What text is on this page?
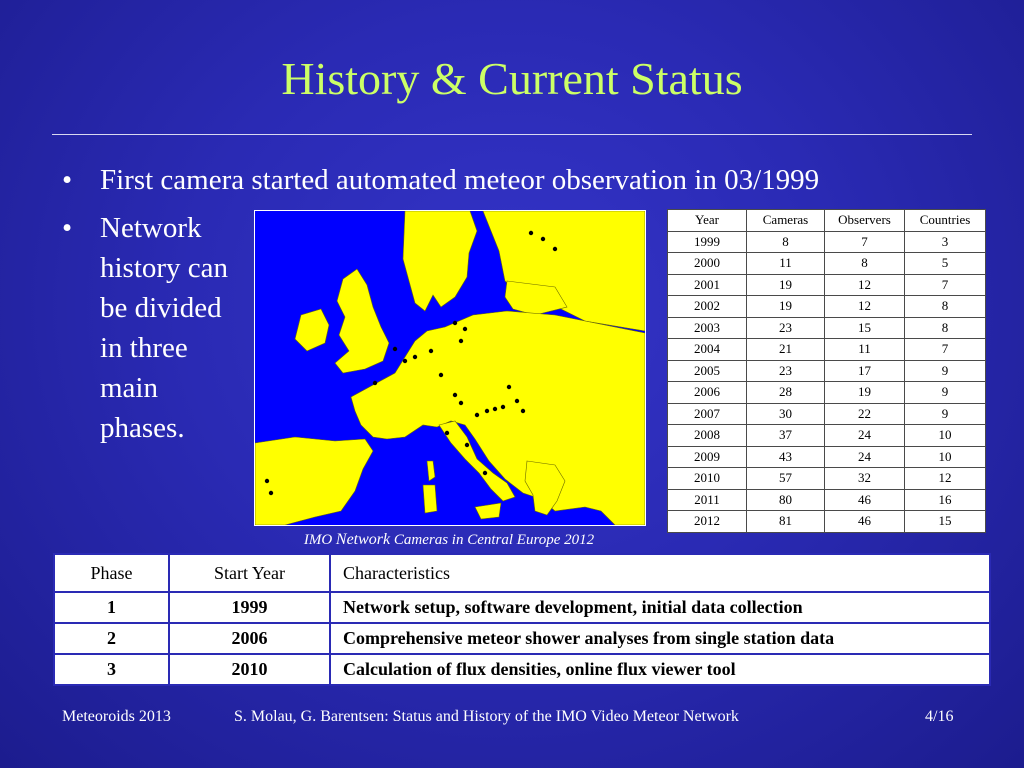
History & Current Status
• First camera started automated meteor observation in 03/1999
• Network history can be divided in three main phases.
IMO Network Cameras in Central Europe 2012
Year	Cameras	Observers	Countries
1999	8	7	3
2000	11	8	5
2001	19	12	7
2002	19	12	8
2003	23	15	8
2004	21	11	7
2005	23	17	9
2006	28	19	9
2007	30	22	9
2008	37	24	10
2009	43	24	10
2010	57	32	12
2011	80	46	16
2012	81	46	15
Phase	Start Year	Characteristics
1	1999	Network setup, software development, initial data collection
2	2006	Comprehensive meteor shower analyses from single station data
3	2010	Calculation of flux densities, online flux viewer tool
Meteoroids 2013	S. Molau, G. Barentsen: Status and History of the IMO Video Meteor Network	4/16
